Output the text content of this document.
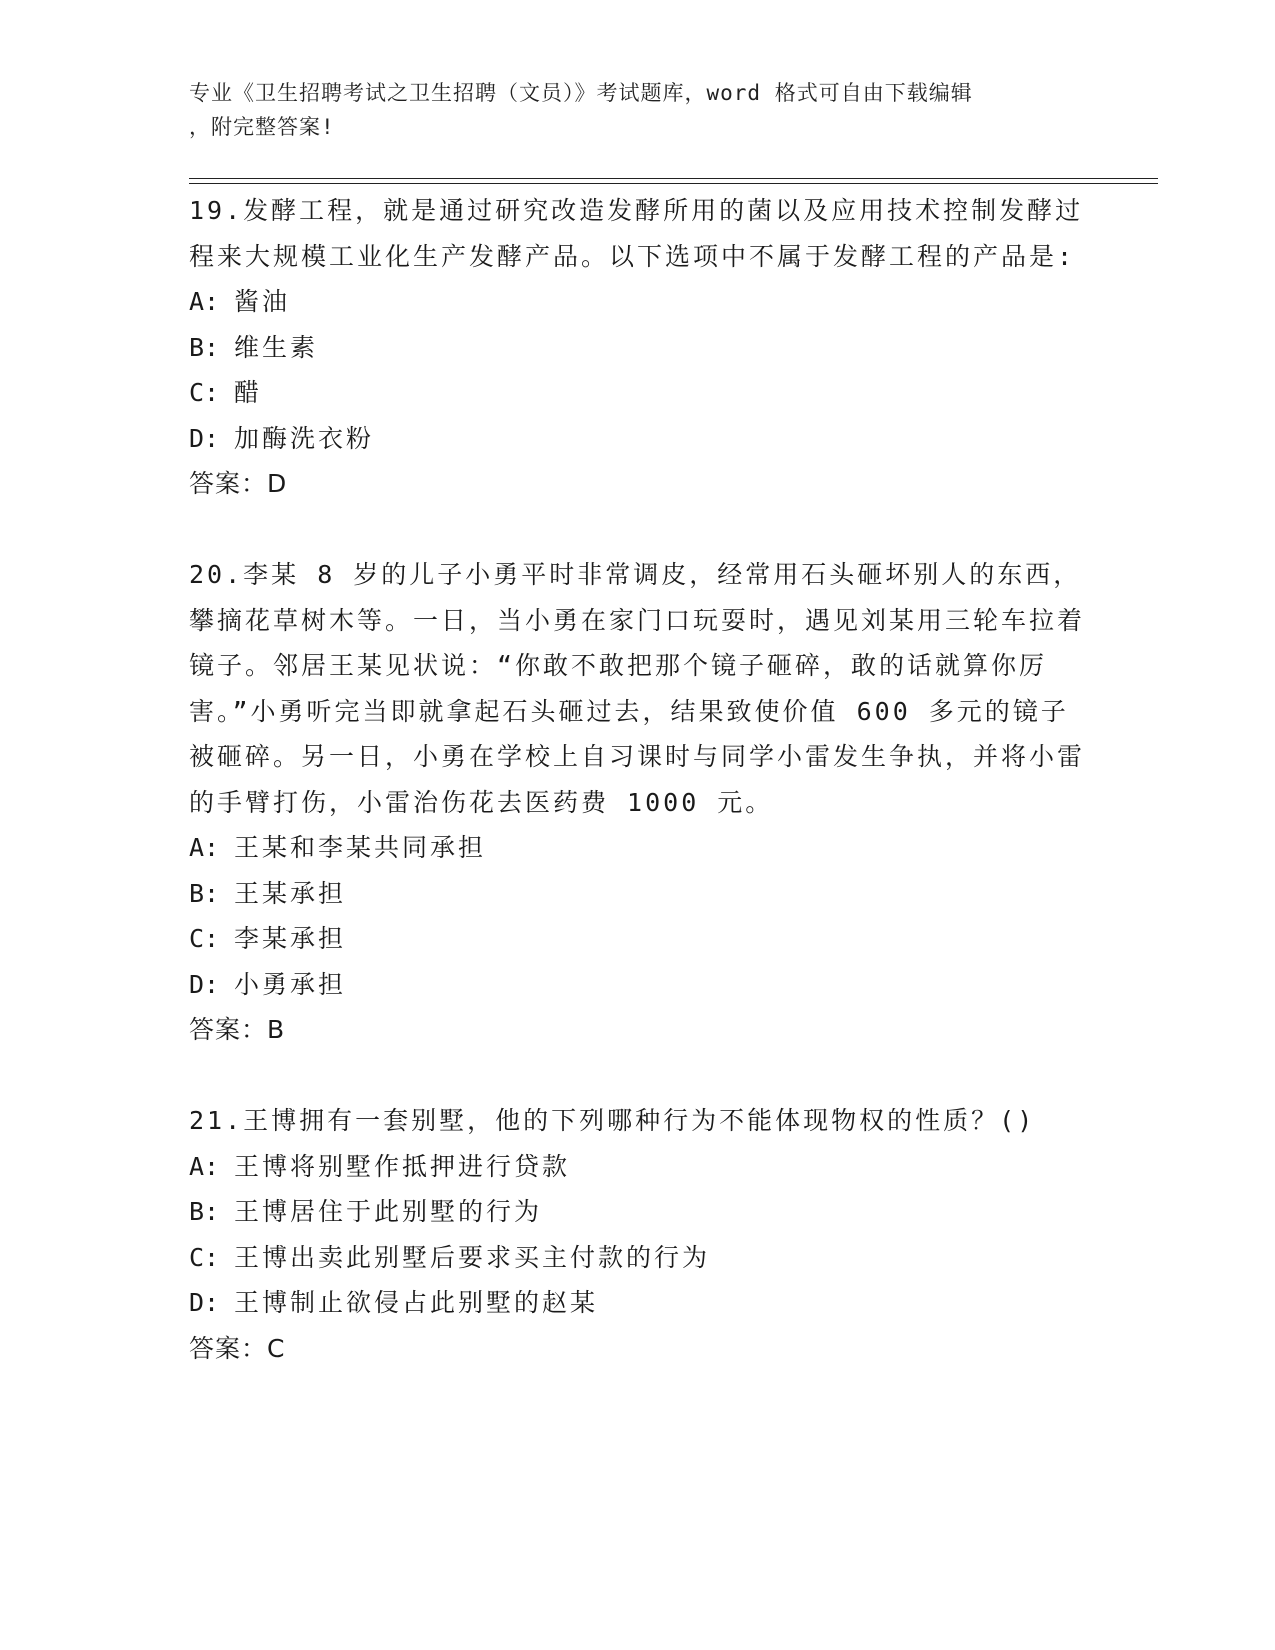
专业《卫生招聘考试之卫生招聘（文员）》考试题库，word 格式可自由下载编辑
，附完整答案!

19.发酵工程，就是通过研究改造发酵所用的菌以及应用技术控制发酵过程来大规模工业化生产发酵产品。以下选项中不属于发酵工程的产品是:

A: 酱油

B: 维生素

C: 醋

D: 加酶洗衣粉

答案：D

20.李某 8 岁的儿子小勇平时非常调皮，经常用石头砸坏别人的东西，攀摘花草树木等。一日，当小勇在家门口玩耍时，遇见刘某用三轮车拉着镜子。邻居王某见状说：“你敢不敢把那个镜子砸碎，敢的话就算你厉害。”小勇听完当即就拿起石头砸过去，结果致使价值 600 多元的镜子被砸碎。另一日，小勇在学校上自习课时与同学小雷发生争执，并将小雷的手臂打伤，小雷治伤花去医药费 1000 元。

A: 王某和李某共同承担

B: 王某承担

C: 李某承担

D: 小勇承担

答案：B

21.王博拥有一套别墅，他的下列哪种行为不能体现物权的性质？()

A: 王博将别墅作抵押进行贷款

B: 王博居住于此别墅的行为

C: 王博出卖此别墅后要求买主付款的行为

D: 王博制止欲侵占此别墅的赵某

答案：C
